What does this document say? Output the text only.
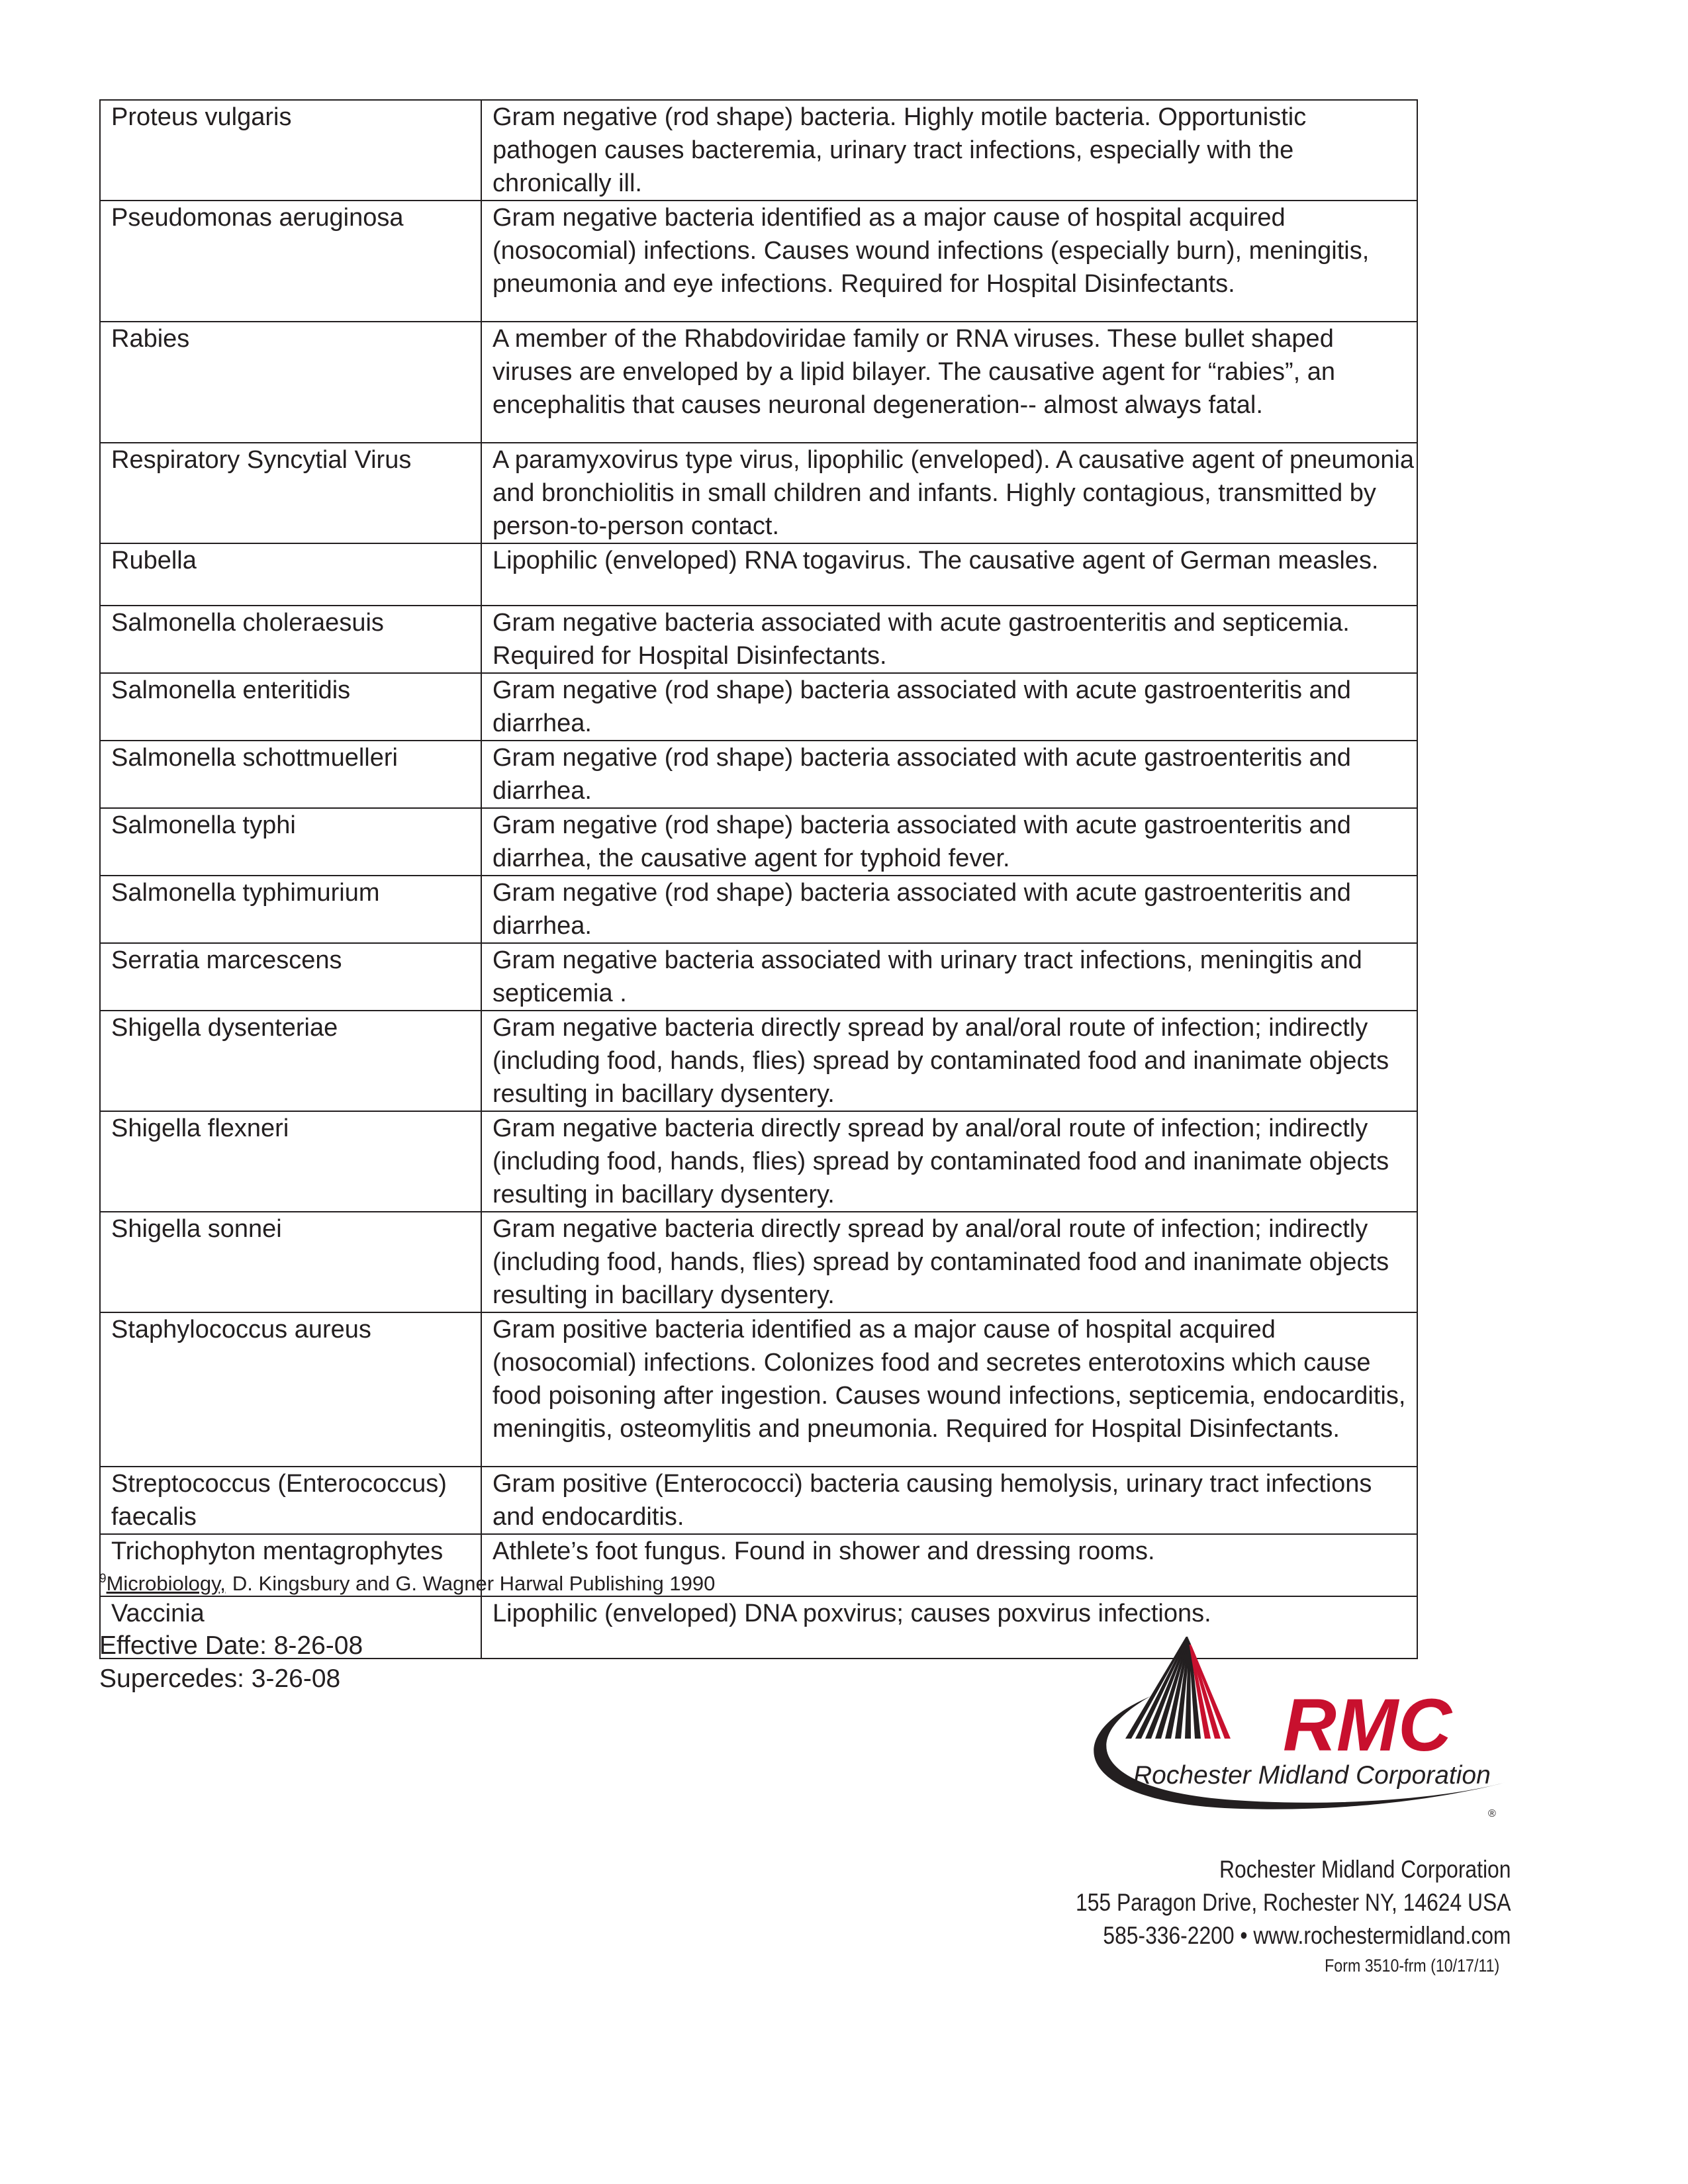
Proteus vulgaris	Gram negative (rod shape) bacteria. Highly motile bacteria. Opportunistic pathogen causes bacteremia, urinary tract infections, especially with the chronically ill.
Pseudomonas aeruginosa	Gram negative bacteria identified as a major cause of hospital acquired (nosocomial) infections. Causes wound infections (especially burn), meningitis, pneumonia and eye infections. Required for Hospital Disinfectants.
Rabies	A member of the Rhabdoviridae family or RNA viruses. These bullet shaped viruses are enveloped by a lipid bilayer. The causative agent for “rabies”, an encephalitis that causes neuronal degeneration-- almost always fatal.
Respiratory Syncytial Virus	A paramyxovirus type virus, lipophilic (enveloped). A causative agent of pneumonia and bronchiolitis in small children and infants. Highly contagious, transmitted by person-to-person contact.
Rubella	Lipophilic (enveloped) RNA togavirus. The causative agent of German measles.
Salmonella choleraesuis	Gram negative bacteria associated with acute gastroenteritis and septicemia. Required for Hospital Disinfectants.
Salmonella enteritidis	Gram negative (rod shape) bacteria associated with acute gastroenteritis and diarrhea.
Salmonella schottmuelleri	Gram negative (rod shape) bacteria associated with acute gastroenteritis and diarrhea.
Salmonella typhi	Gram negative (rod shape) bacteria associated with acute gastroenteritis and diarrhea, the causative agent for typhoid fever.
Salmonella typhimurium	Gram negative (rod shape) bacteria associated with acute gastroenteritis and diarrhea.
Serratia marcescens	Gram negative bacteria associated with urinary tract infections, meningitis and septicemia .
Shigella dysenteriae	Gram negative bacteria directly spread by anal/oral route of infection; indirectly (including food, hands, flies) spread by contaminated food and inanimate objects resulting in bacillary dysentery.
Shigella flexneri	Gram negative bacteria directly spread by anal/oral route of infection; indirectly (including food, hands, flies) spread by contaminated food and inanimate objects resulting in bacillary dysentery.
Shigella sonnei	Gram negative bacteria directly spread by anal/oral route of infection; indirectly (including food, hands, flies) spread by contaminated food and inanimate objects resulting in bacillary dysentery.
Staphylococcus aureus	Gram positive bacteria identified as a major cause of hospital acquired (nosocomial) infections. Colonizes food and secretes enterotoxins which cause food poisoning after ingestion. Causes wound infections, septicemia, endocarditis, meningitis, osteomylitis and pneumonia. Required for Hospital Disinfectants.
Streptococcus (Enterococcus) faecalis	Gram positive (Enterococci) bacteria causing hemolysis, urinary tract infections and endocarditis.
Trichophyton mentagrophytes	Athlete’s foot fungus. Found in shower and dressing rooms.
Vaccinia	Lipophilic (enveloped) DNA poxvirus; causes poxvirus infections.
$^9$Microbiology, D. Kingsbury and G. Wagner Harwal Publishing 1990
Effective Date: 8-26-08
Supercedes: 3-26-08
RMC
Rochester Midland Corporation
®
Rochester Midland Corporation
155 Paragon Drive, Rochester NY, 14624 USA
585-336-2200 • www.rochestermidland.com
Form 3510-frm (10/17/11)
